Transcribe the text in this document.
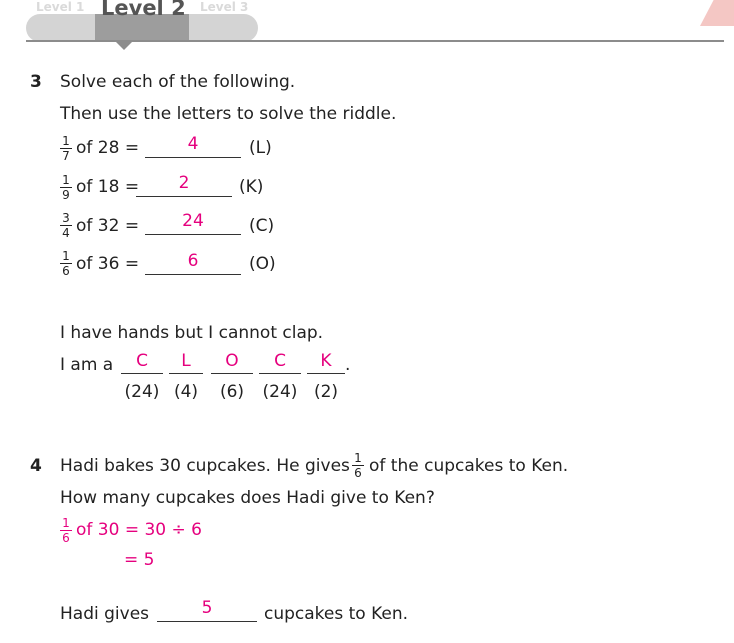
Level 1 Level 2 Level 3
3 Solve each of the following.
Then use the letters to solve the riddle.
1
7 of 28 =	4	(L)
1
9 of 18 =	2	(K)
3
4 of 32 =	24	(C)
1
6 of 36 =	6	(O)
I have hands but I cannot clap.
I am a	C	L	O	C	K .
(24) (4)	(6)	(24) (2)
4 Hadi bakes 30 cupcakes. He gives 1
6 of the cupcakes to Ken.
How many cupcakes does Hadi give to Ken?
1
6 of 30 = 30 ÷ 6
= 5
Hadi gives	5	cupcakes to Ken.
